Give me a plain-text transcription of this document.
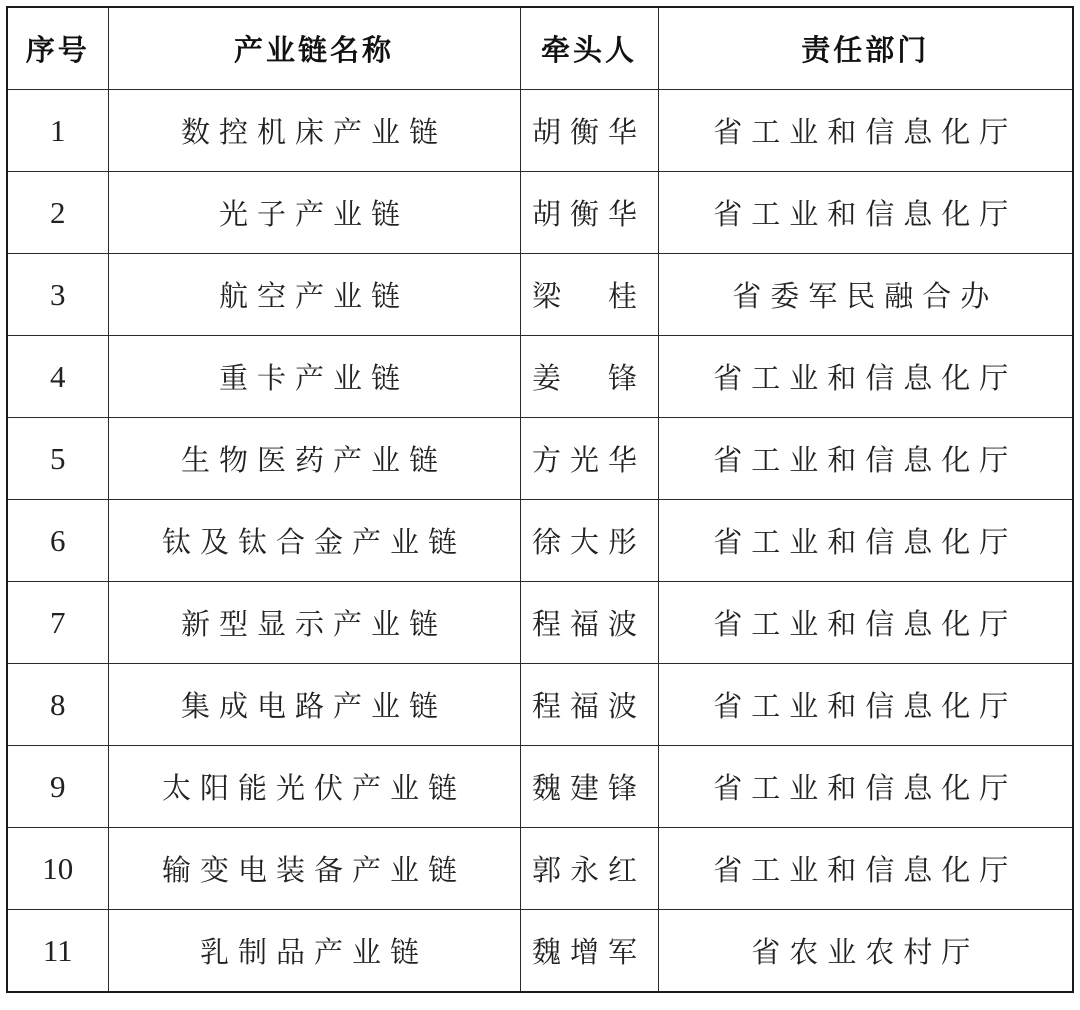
序号	产业链名称	牵头人	责任部门
1	数控机床产业链	胡衡华	省工业和信息化厅
2	光子产业链	胡衡华	省工业和信息化厅
3	航空产业链	梁　桂	省委军民融合办
4	重卡产业链	姜　锋	省工业和信息化厅
5	生物医药产业链	方光华	省工业和信息化厅
6	钛及钛合金产业链	徐大彤	省工业和信息化厅
7	新型显示产业链	程福波	省工业和信息化厅
8	集成电路产业链	程福波	省工业和信息化厅
9	太阳能光伏产业链	魏建锋	省工业和信息化厅
10	输变电装备产业链	郭永红	省工业和信息化厅
11	乳制品产业链	魏增军	省农业农村厅
